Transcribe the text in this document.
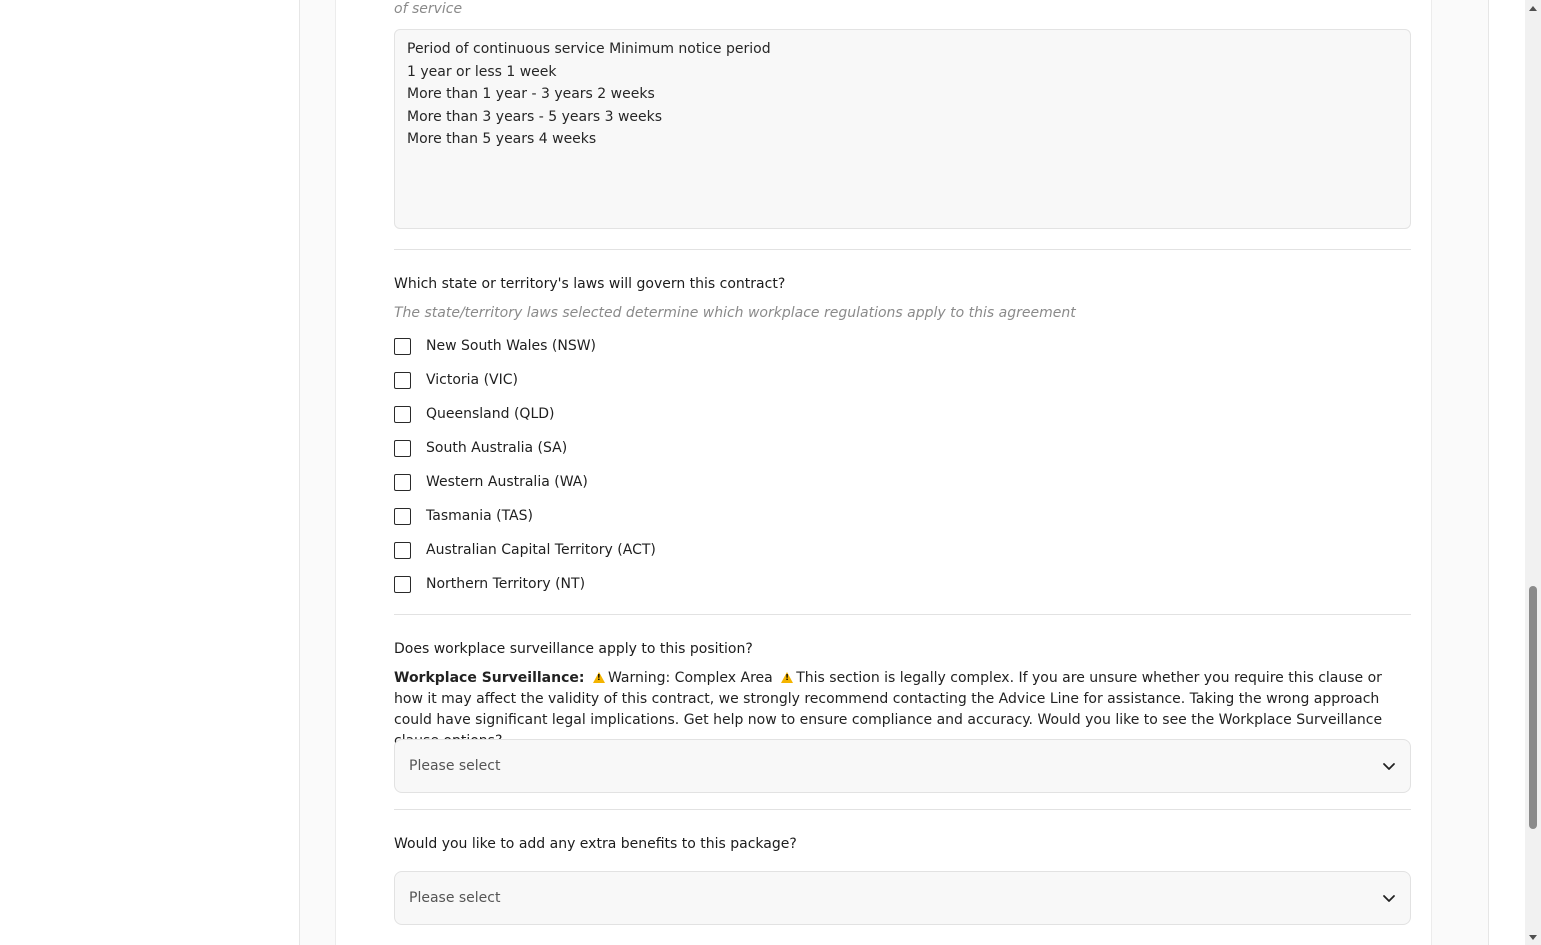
of service
Period of continuous service Minimum notice period 1 year or less 1 week More than 1 year - 3 years 2 weeks More than 3 years - 5 years 3 weeks More than 5 years 4 weeks
Which state or territory's laws will govern this contract?
The state/territory laws selected determine which workplace regulations apply to this agreement
New South Wales (NSW)
Victoria (VIC)
Queensland (QLD)
South Australia (SA)
Western Australia (WA)
Tasmania (TAS)
Australian Capital Territory (ACT)
Northern Territory (NT)
Does workplace surveillance apply to this position?
Workplace Surveillance: ! Warning: Complex Area ! This section is legally complex. If you are unsure whether you require this clause or how it may affect the validity of this contract, we strongly recommend contacting the Advice Line for assistance. Taking the wrong approach could have significant legal implications. Get help now to ensure compliance and accuracy. Would you like to see the Workplace Surveillance
Please select
Would you like to add any extra benefits to this package?
Please select
